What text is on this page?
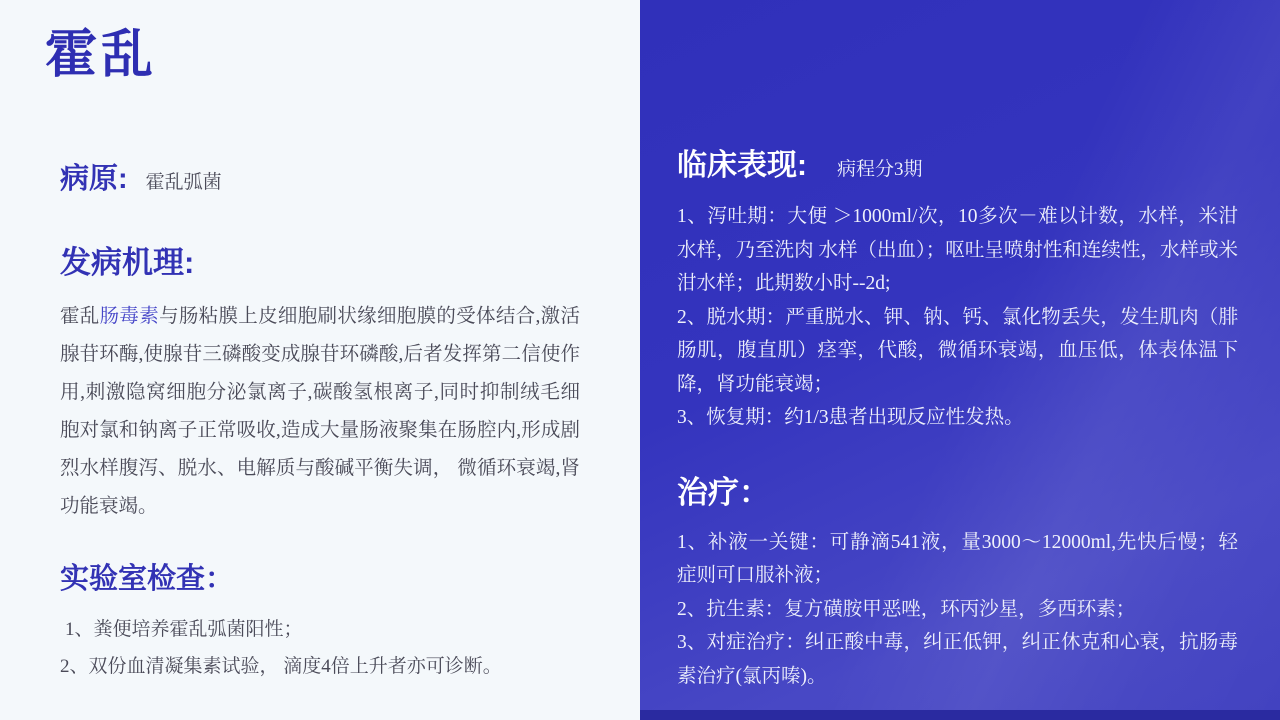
霍乱
病原: 霍乱弧菌
发病机理:

霍乱肠毒素与肠粘膜上皮细胞刷状缘细胞膜的受体结合,激活腺苷环酶,使腺苷三磷酸变成腺苷环磷酸,后者发挥第二信使作用,刺激隐窝细胞分泌氯离子,碳酸氢根离子,同时抑制绒毛细胞对氯和钠离子正常吸收,造成大量肠液聚集在肠腔内,形成剧烈水样腹泻、脱水、电解质与酸碱平衡失调， 微循环衰竭,肾功能衰竭。

实验室检查：

1、粪便培养霍乱弧菌阳性；

2、双份血清凝集素试验， 滴度4倍上升者亦可诊断。

临床表现: 病程分3期

1、泻吐期：大便 ＞1000ml/次，10多次－难以计数，水样，米泔水样，乃至洗肉 水样（出血）；呕吐呈喷射性和连续性，水样或米泔水样；此期数小时--2d;

2、脱水期：严重脱水、钾、钠、钙、氯化物丢失，发生肌肉（腓肠肌，腹直肌）痉挛，代酸，微循环衰竭，血压低，体表体温下降，肾功能衰竭；

3、恢复期：约1/3患者出现反应性发热。

治疗：

1、补液一关键：可静滴541液，量3000～12000ml,先快后慢；轻症则可口服补液；

2、抗生素：复方磺胺甲恶唑，环丙沙星，多西环素；

3、对症治疗：纠正酸中毒，纠正低钾，纠正休克和心衰，抗肠毒素治疗(氯丙嗪)。
